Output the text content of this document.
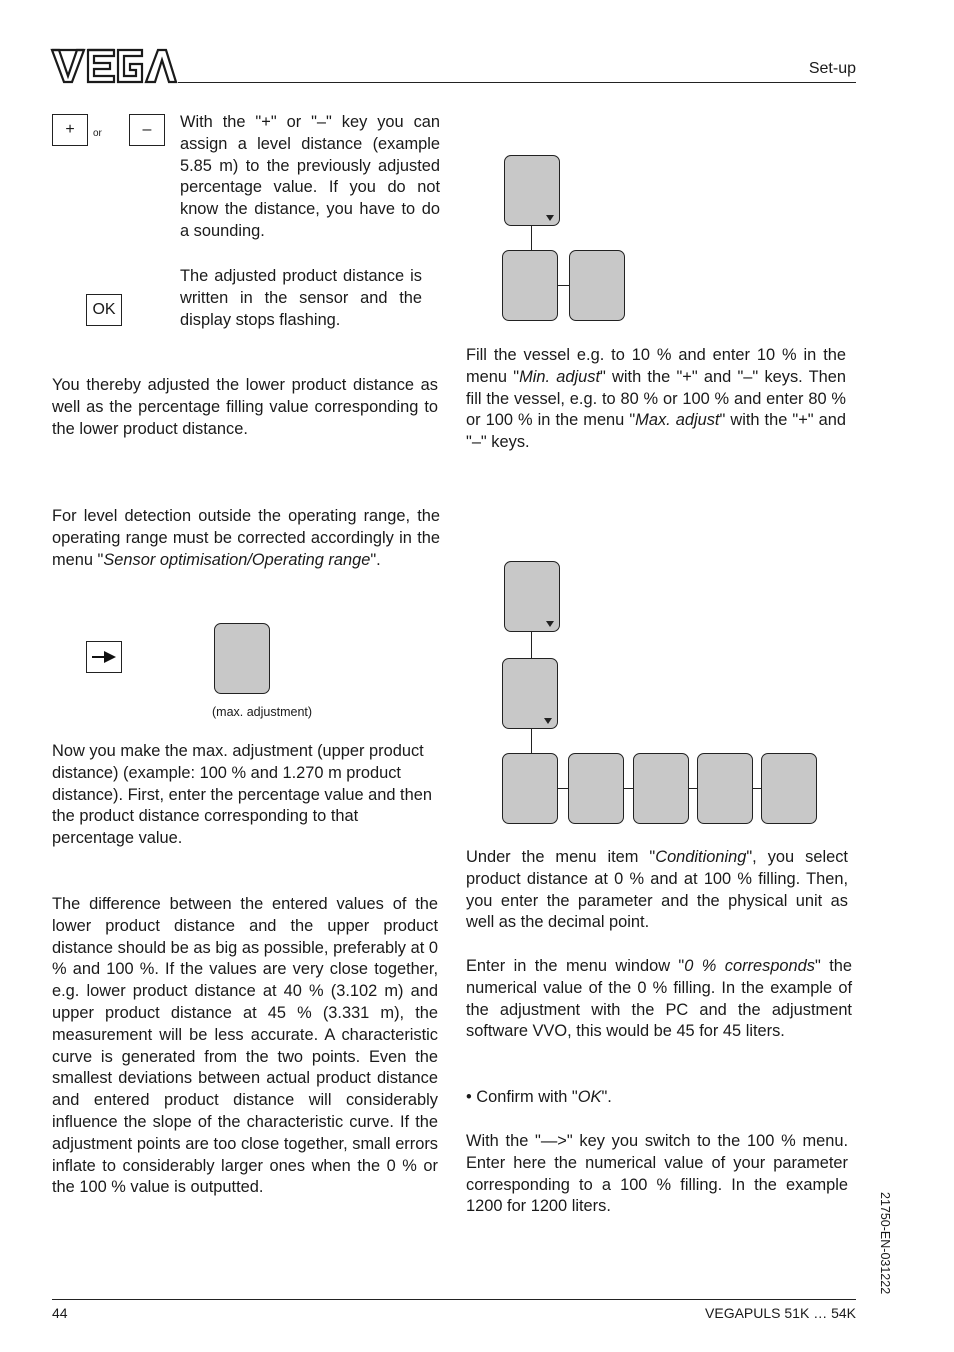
Set-up
+	or	–	With the "+" or "–" key you can assign a level distance (example 5.85 m) to the previously adjusted percentage value. If you do not know the distance, you have to do a sounding.
OK
The adjusted product distance is written in the sensor and the display stops flashing.
You thereby adjusted the lower product distance as well as the percentage filling value corresponding to the lower product distance.
For level detection outside the operating range, the operating range must be corrected accordingly in the menu "Sensor optimisation/Operating range".
(max. adjustment)
Now you make the max. adjustment (upper product distance) (example: 100 % and 1.270 m product distance). First, enter the percentage value and then the product distance corresponding to that percentage value.
The difference between the entered values of the lower product distance and the upper product distance should be as big as possible, preferably at 0 % and 100 %. If the values are very close together, e.g. lower product distance at 40 % (3.102 m) and upper product distance at 45 % (3.331 m), the measurement will be less accurate. A characteristic curve is generated from the two points. Even the smallest deviations between actual product distance and entered product distance will considerably influence the slope of the characteristic curve. If the adjustment points are too close together, small errors inflate to considerably larger ones when the 0 % or the 100 % value is outputted.
Fill the vessel e.g. to 10 % and enter 10 % in the menu "Min. adjust" with the "+" and "–" keys. Then fill the vessel, e.g. to 80 % or 100 % and enter 80 % or 100 % in the menu "Max. adjust" with the "+" and "–" keys.
Under the menu item "Conditioning", you select product distance at 0 % and at 100 % filling. Then, you enter the parameter and the physical unit as well as the decimal point.
Enter in the menu window "0 % corresponds" the numerical value of the 0 % filling. In the example of the adjustment with the PC and the adjustment software VVO, this would be 45 for 45 liters.
• Confirm with "OK".
With the "—>" key you switch to the 100 % menu. Enter here the numerical value of your parameter corresponding to a 100 % filling. In the example 1200 for 1200 liters.	21750-EN-031222
44	VEGAPULS 51K … 54K
